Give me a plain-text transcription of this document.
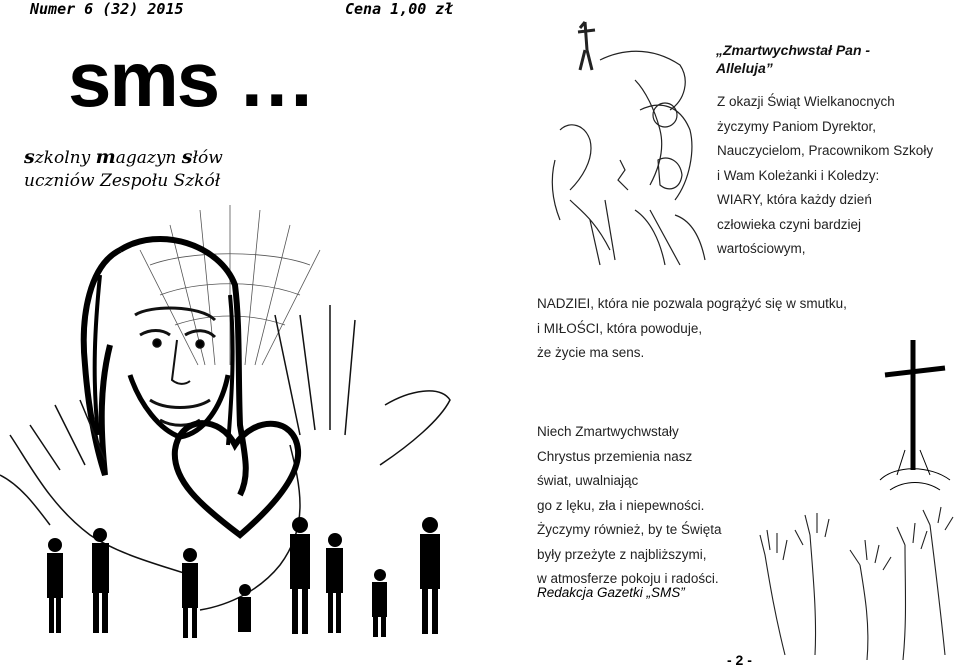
Numer 6 (32) 2015	Cena 1,00 zł
sms …
szkolny magazyn słów
uczniów Zespołu Szkół
„Zmartwychwstał Pan - Alleluja”
Z okazji Świąt Wielkanocnych
życzymy Paniom Dyrektor,
Nauczycielom, Pracownikom Szkoły
i Wam Koleżanki i Koledzy:
WIARY, która każdy dzień
człowieka czyni bardziej
wartościowym,
NADZIEI, która nie pozwala pogrążyć się w smutku,
i MIŁOŚCI, która powoduje,
że życie ma sens.
Niech Zmartwychwstały
Chrystus przemienia nasz
świat, uwalniając
go z lęku, zła i niepewności.
Życzymy również, by te Święta
były przeżyte z najbliższymi,
w atmosferze pokoju i radości.
Redakcja Gazetki „SMS”
- 2 -
